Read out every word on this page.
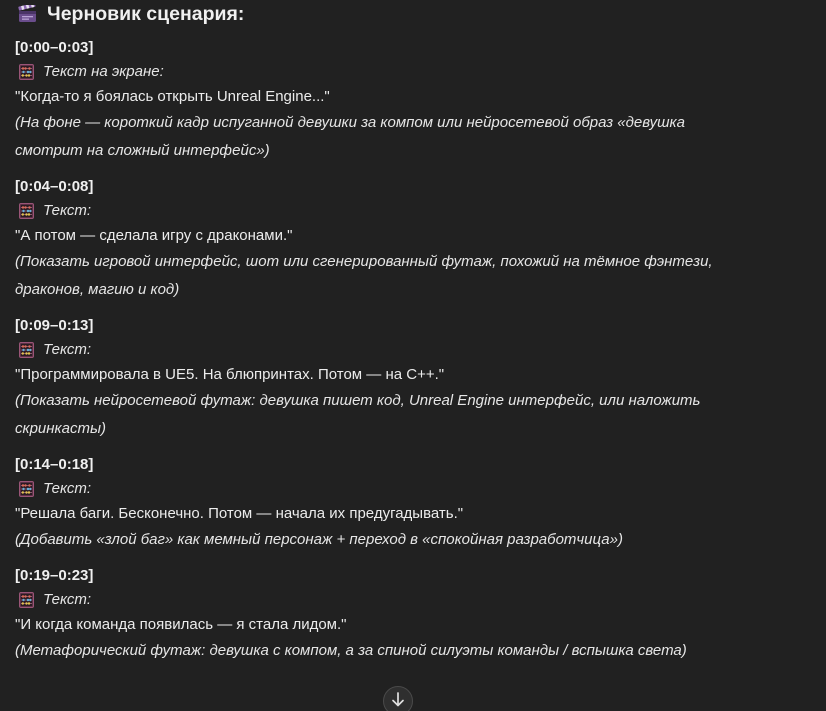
Черновик сценария:
[0:00–0:03]
Текст на экране:
"Когда-то я боялась открыть Unreal Engine..."
(На фоне — короткий кадр испуганной девушки за компом или нейросетевой образ «девушка смотрит на сложный интерфейс»)
[0:04–0:08]
Текст:
"А потом — сделала игру с драконами."
(Показать игровой интерфейс, шот или сгенерированный футаж, похожий на тёмное фэнтези, драконов, магию и код)
[0:09–0:13]
Текст:
"Программировала в UE5. На блюпринтах. Потом — на C++."
(Показать нейросетевой футаж: девушка пишет код, Unreal Engine интерфейс, или наложить скринкасты)
[0:14–0:18]
Текст:
"Решала баги. Бесконечно. Потом — начала их предугадывать."
(Добавить «злой баг» как мемный персонаж + переход в «спокойная разработчица»)
[0:19–0:23]
Текст:
"И когда команда появилась — я стала лидом."
(Метафорический футаж: девушка с компом, а за спиной силуэты команды / вспышка света)
